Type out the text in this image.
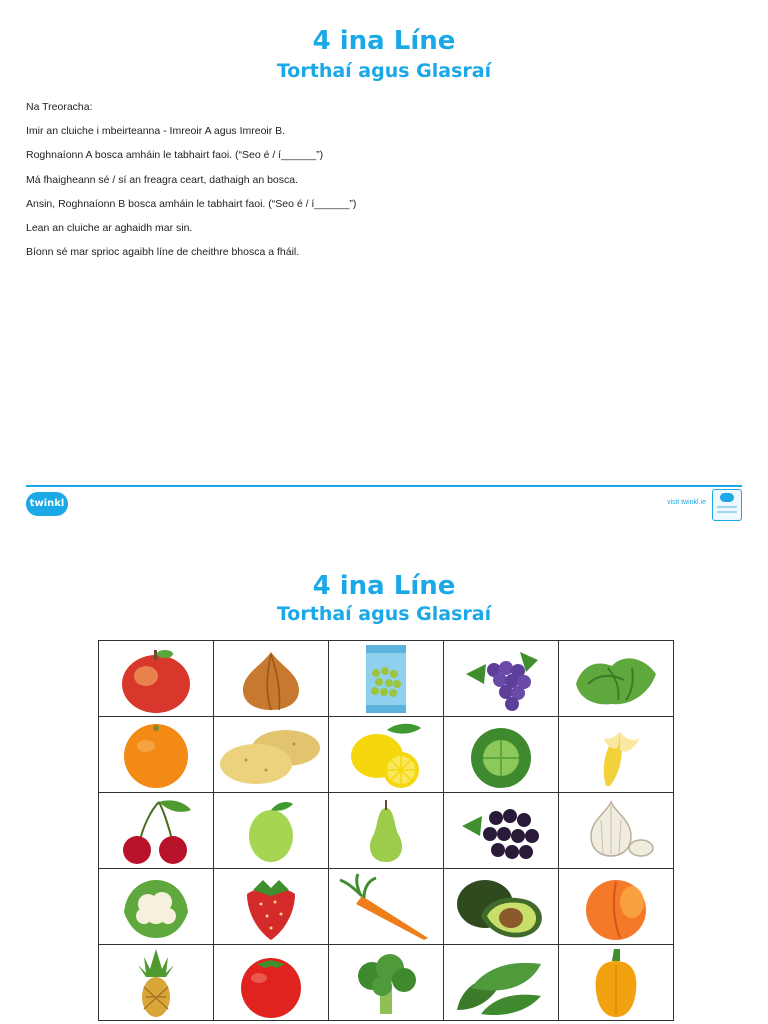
4 ina Líne
Torthaí agus Glasraí
Na Treoracha:
Imir an cluiche i mbeirteanna - Imreoir A agus Imreoir B.
Roghnaíonn A bosca amháin le tabhairt faoi. (“Seo é / í______”)
Má fhaigheann sé / sí an freagra ceart, dathaigh an bosca.
Ansin, Roghnaíonn B bosca amháin le tabhairt faoi. (“Seo é / í______”)
Lean an cluiche ar aghaidh mar sin.
Bíonn sé mar sprioc agaibh líne de cheithre bhosca a fháil.
twinkl	visit twinkl.ie
4 ina Líne
Torthaí agus Glasraí
